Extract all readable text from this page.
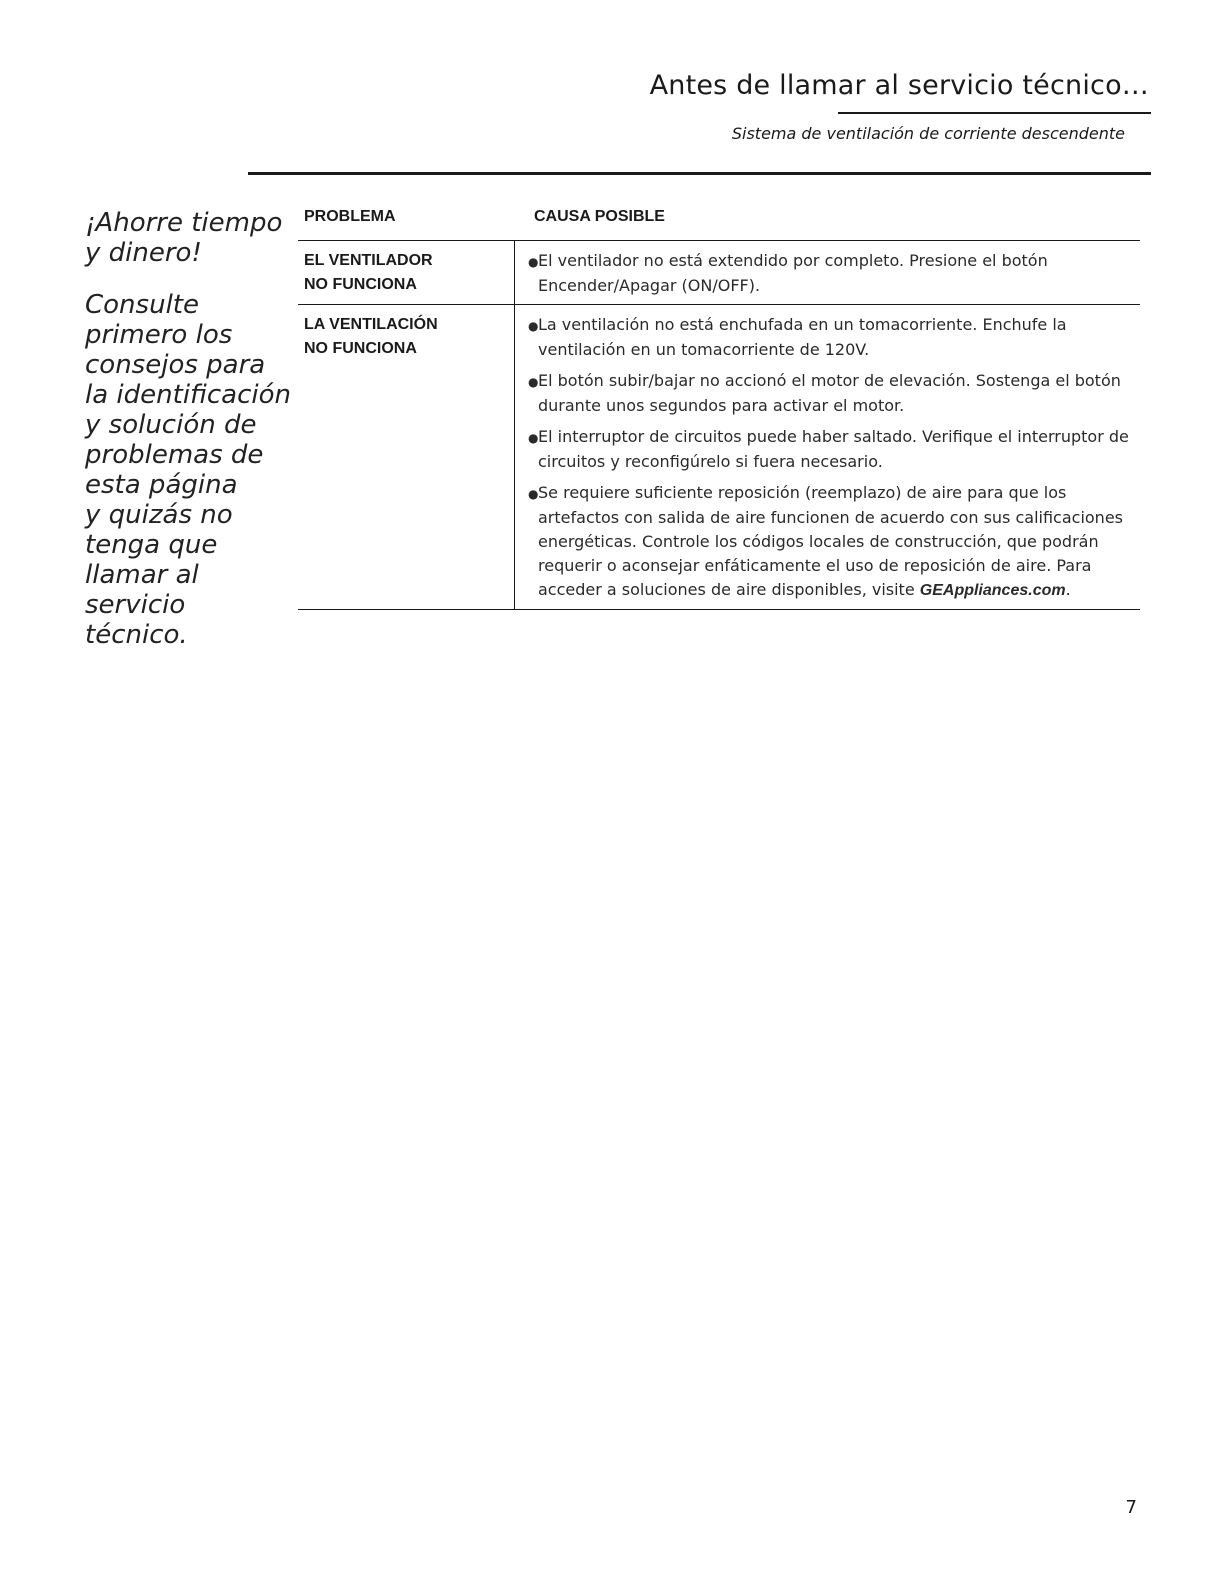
Antes de llamar al servicio técnico…
Sistema de ventilación de corriente descendente

¡Ahorre tiempo

y dinero!

Consulte

primero los

consejos para

la identificación

y solución de

problemas de

esta página

y quizás no

tenga que

llamar al

servicio técnico.

PROBLEMA	CAUSA POSIBLE
EL VENTILADOR
NO FUNCIONA

●El ventilador no está extendido por completo. Presione el botón Encender/Apagar (ON/OFF).

LA VENTILACIÓN
NO FUNCIONA

●La ventilación no está enchufada en un tomacorriente. Enchufe la ventilación en un tomacorriente de 120V.

●El botón subir/bajar no accionó el motor de elevación. Sostenga el botón durante unos segundos para activar el motor.

●El interruptor de circuitos puede haber saltado. Verifique el interruptor de circuitos y reconfigúrelo si fuera necesario.

●Se requiere suficiente reposición (reemplazo) de aire para que los artefactos con salida de aire funcionen de acuerdo con sus calificaciones energéticas. Controle los códigos locales de construcción, que podrán requerir o aconsejar enfáticamente el uso de reposición de aire. Para acceder a soluciones de aire disponibles, visite GEAppliances.com.

7
